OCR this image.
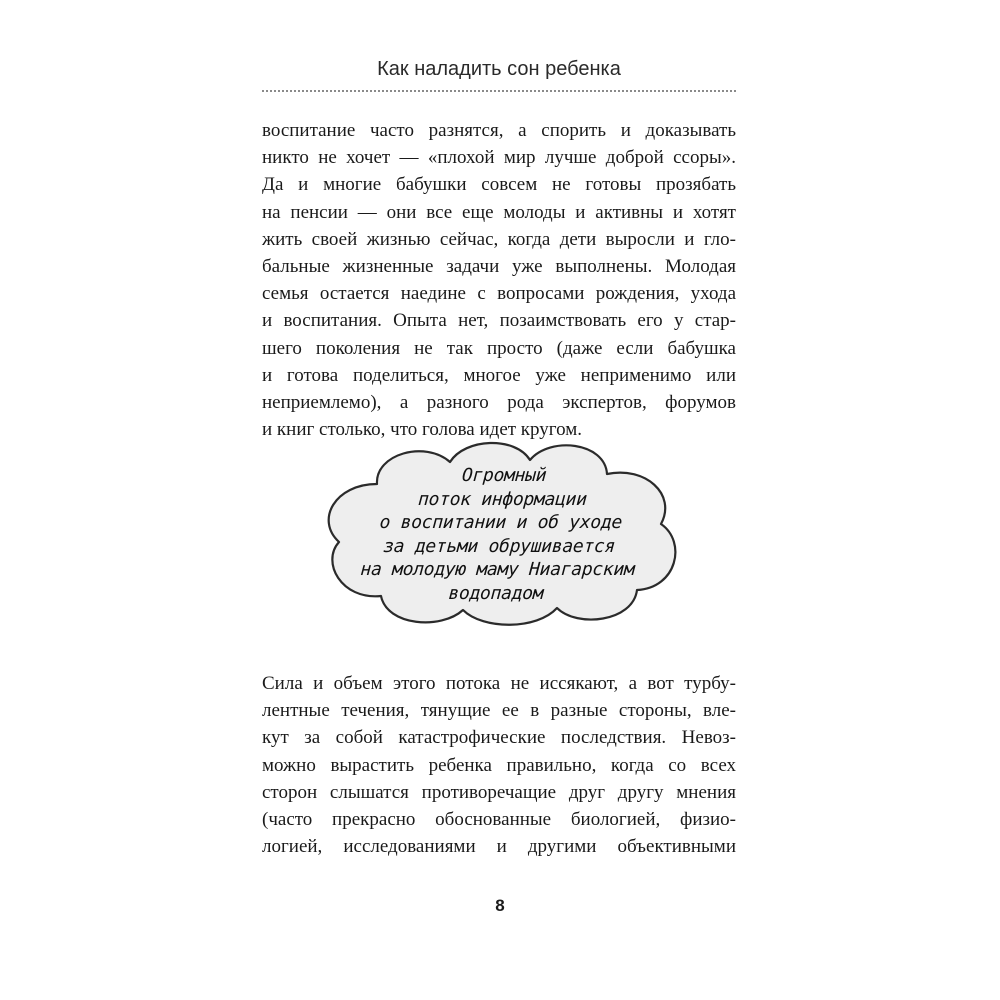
Как наладить сон ребенка
воспитание часто разнятся, а спорить и доказывать
никто не хочет — «плохой мир лучше доброй ссоры».
Да и многие бабушки совсем не готовы прозябать
на пенсии — они все еще молоды и активны и хотят
жить своей жизнью сейчас, когда дети выросли и гло-
бальные жизненные задачи уже выполнены. Молодая
семья остается наедине с вопросами рождения, ухода
и воспитания. Опыта нет, позаимствовать его у стар-
шего поколения не так просто (даже если бабушка
и готова поделиться, многое уже неприменимо или
неприемлемо), а разного рода экспертов, форумов
и книг столько, что голова идет кругом.
Огромный
поток информации
о воспитании и об уходе
за детьми обрушивается
на молодую маму Ниагарским
водопадом
Сила и объем этого потока не иссякают, а вот турбу-
лентные течения, тянущие ее в разные стороны, вле-
кут за собой катастрофические последствия. Невоз-
можно вырастить ребенка правильно, когда со всех
сторон слышатся противоречащие друг другу мнения
(часто прекрасно обоснованные биологией, физио-
логией, исследованиями и другими объективными
8
